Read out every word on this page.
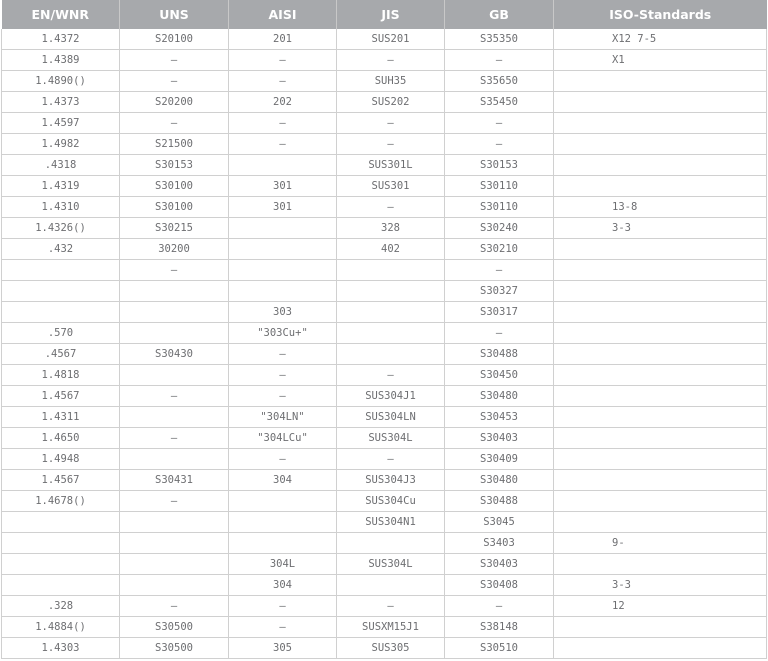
EN/WNR	UNS	AISI	JIS	GB	ISO-Standards
1.4372	S20100	201	SUS201	S35350	X12 7-5
1.4389	–	–	–	–	X1
1.4890()	–	–	SUH35	S35650	
1.4373	S20200	202	SUS202	S35450	
1.4597	–	–	–	–	
1.4982	S21500	–	–	–	
.4318	S30153		SUS301L	S30153	
1.4319	S30100	301	SUS301	S30110	
1.4310	S30100	301	–	S30110	13-8
1.4326()	S30215		328	S30240	3-3
.432	30200		402	S30210	
	–			–	
				S30327	
		303		S30317	
.570		"303Cu+"		–	
.4567	S30430	–		S30488	
1.4818		–	–	S30450	
1.4567	–	–	SUS304J1	S30480	
1.4311		"304LN"	SUS304LN	S30453	
1.4650	–	"304LCu"	SUS304L	S30403	
1.4948		–	–	S30409	
1.4567	S30431	304	SUS304J3	S30480	
1.4678()	–		SUS304Cu	S30488	
			SUS304N1	S3045	
				S3403	9-
		304L	SUS304L	S30403	
		304		S30408	3-3
.328	–	–	–	–	12
1.4884()	S30500	–	SUSXM15J1	S38148	
1.4303	S30500	305	SUS305	S30510	
